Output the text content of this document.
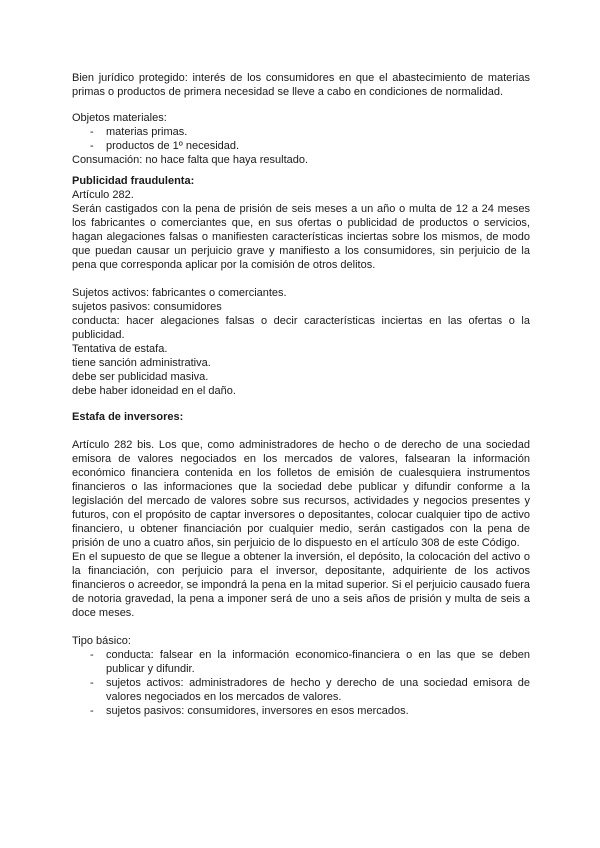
Bien jurídico protegido: interés de los consumidores en que el abastecimiento de materias primas o productos de primera necesidad se lleve a cabo en condiciones de normalidad.

Objetos materiales:

- materias primas.

- productos de 1º necesidad.

Consumación: no hace falta que haya resultado.

Publicidad fraudulenta:

Artículo 282.

Serán castigados con la pena de prisión de seis meses a un año o multa de 12 a 24 meses los fabricantes o comerciantes que, en sus ofertas o publicidad de productos o servicios, hagan alegaciones falsas o manifiesten características inciertas sobre los mismos, de modo que puedan causar un perjuicio grave y manifiesto a los consumidores, sin perjuicio de la pena que corresponda aplicar por la comisión de otros delitos.

Sujetos activos: fabricantes o comerciantes.

sujetos pasivos: consumidores

conducta: hacer alegaciones falsas o decir características inciertas en las ofertas o la publicidad.

Tentativa de estafa.

tiene sanción administrativa.

debe ser publicidad masiva.

debe haber idoneidad en el daño.

Estafa de inversores:

Artículo 282 bis. Los que, como administradores de hecho o de derecho de una sociedad emisora de valores negociados en los mercados de valores, falsearan la información económico financiera contenida en los folletos de emisión de cualesquiera instrumentos financieros o las informaciones que la sociedad debe publicar y difundir conforme a la legislación del mercado de valores sobre sus recursos, actividades y negocios presentes y futuros, con el propósito de captar inversores o depositantes, colocar cualquier tipo de activo financiero, u obtener financiación por cualquier medio, serán castigados con la pena de prisión de uno a cuatro años, sin perjuicio de lo dispuesto en el artículo 308 de este Código.

En el supuesto de que se llegue a obtener la inversión, el depósito, la colocación del activo o la financiación, con perjuicio para el inversor, depositante, adquiriente de los activos financieros o acreedor, se impondrá la pena en la mitad superior. Si el perjuicio causado fuera de notoria gravedad, la pena a imponer será de uno a seis años de prisión y multa de seis a doce meses.

Tipo básico:

- conducta: falsear en la información economico-financiera o en las que se deben publicar y difundir.

- sujetos activos: administradores de hecho y derecho de una sociedad emisora de valores negociados en los mercados de valores.

- sujetos pasivos: consumidores, inversores en esos mercados.
